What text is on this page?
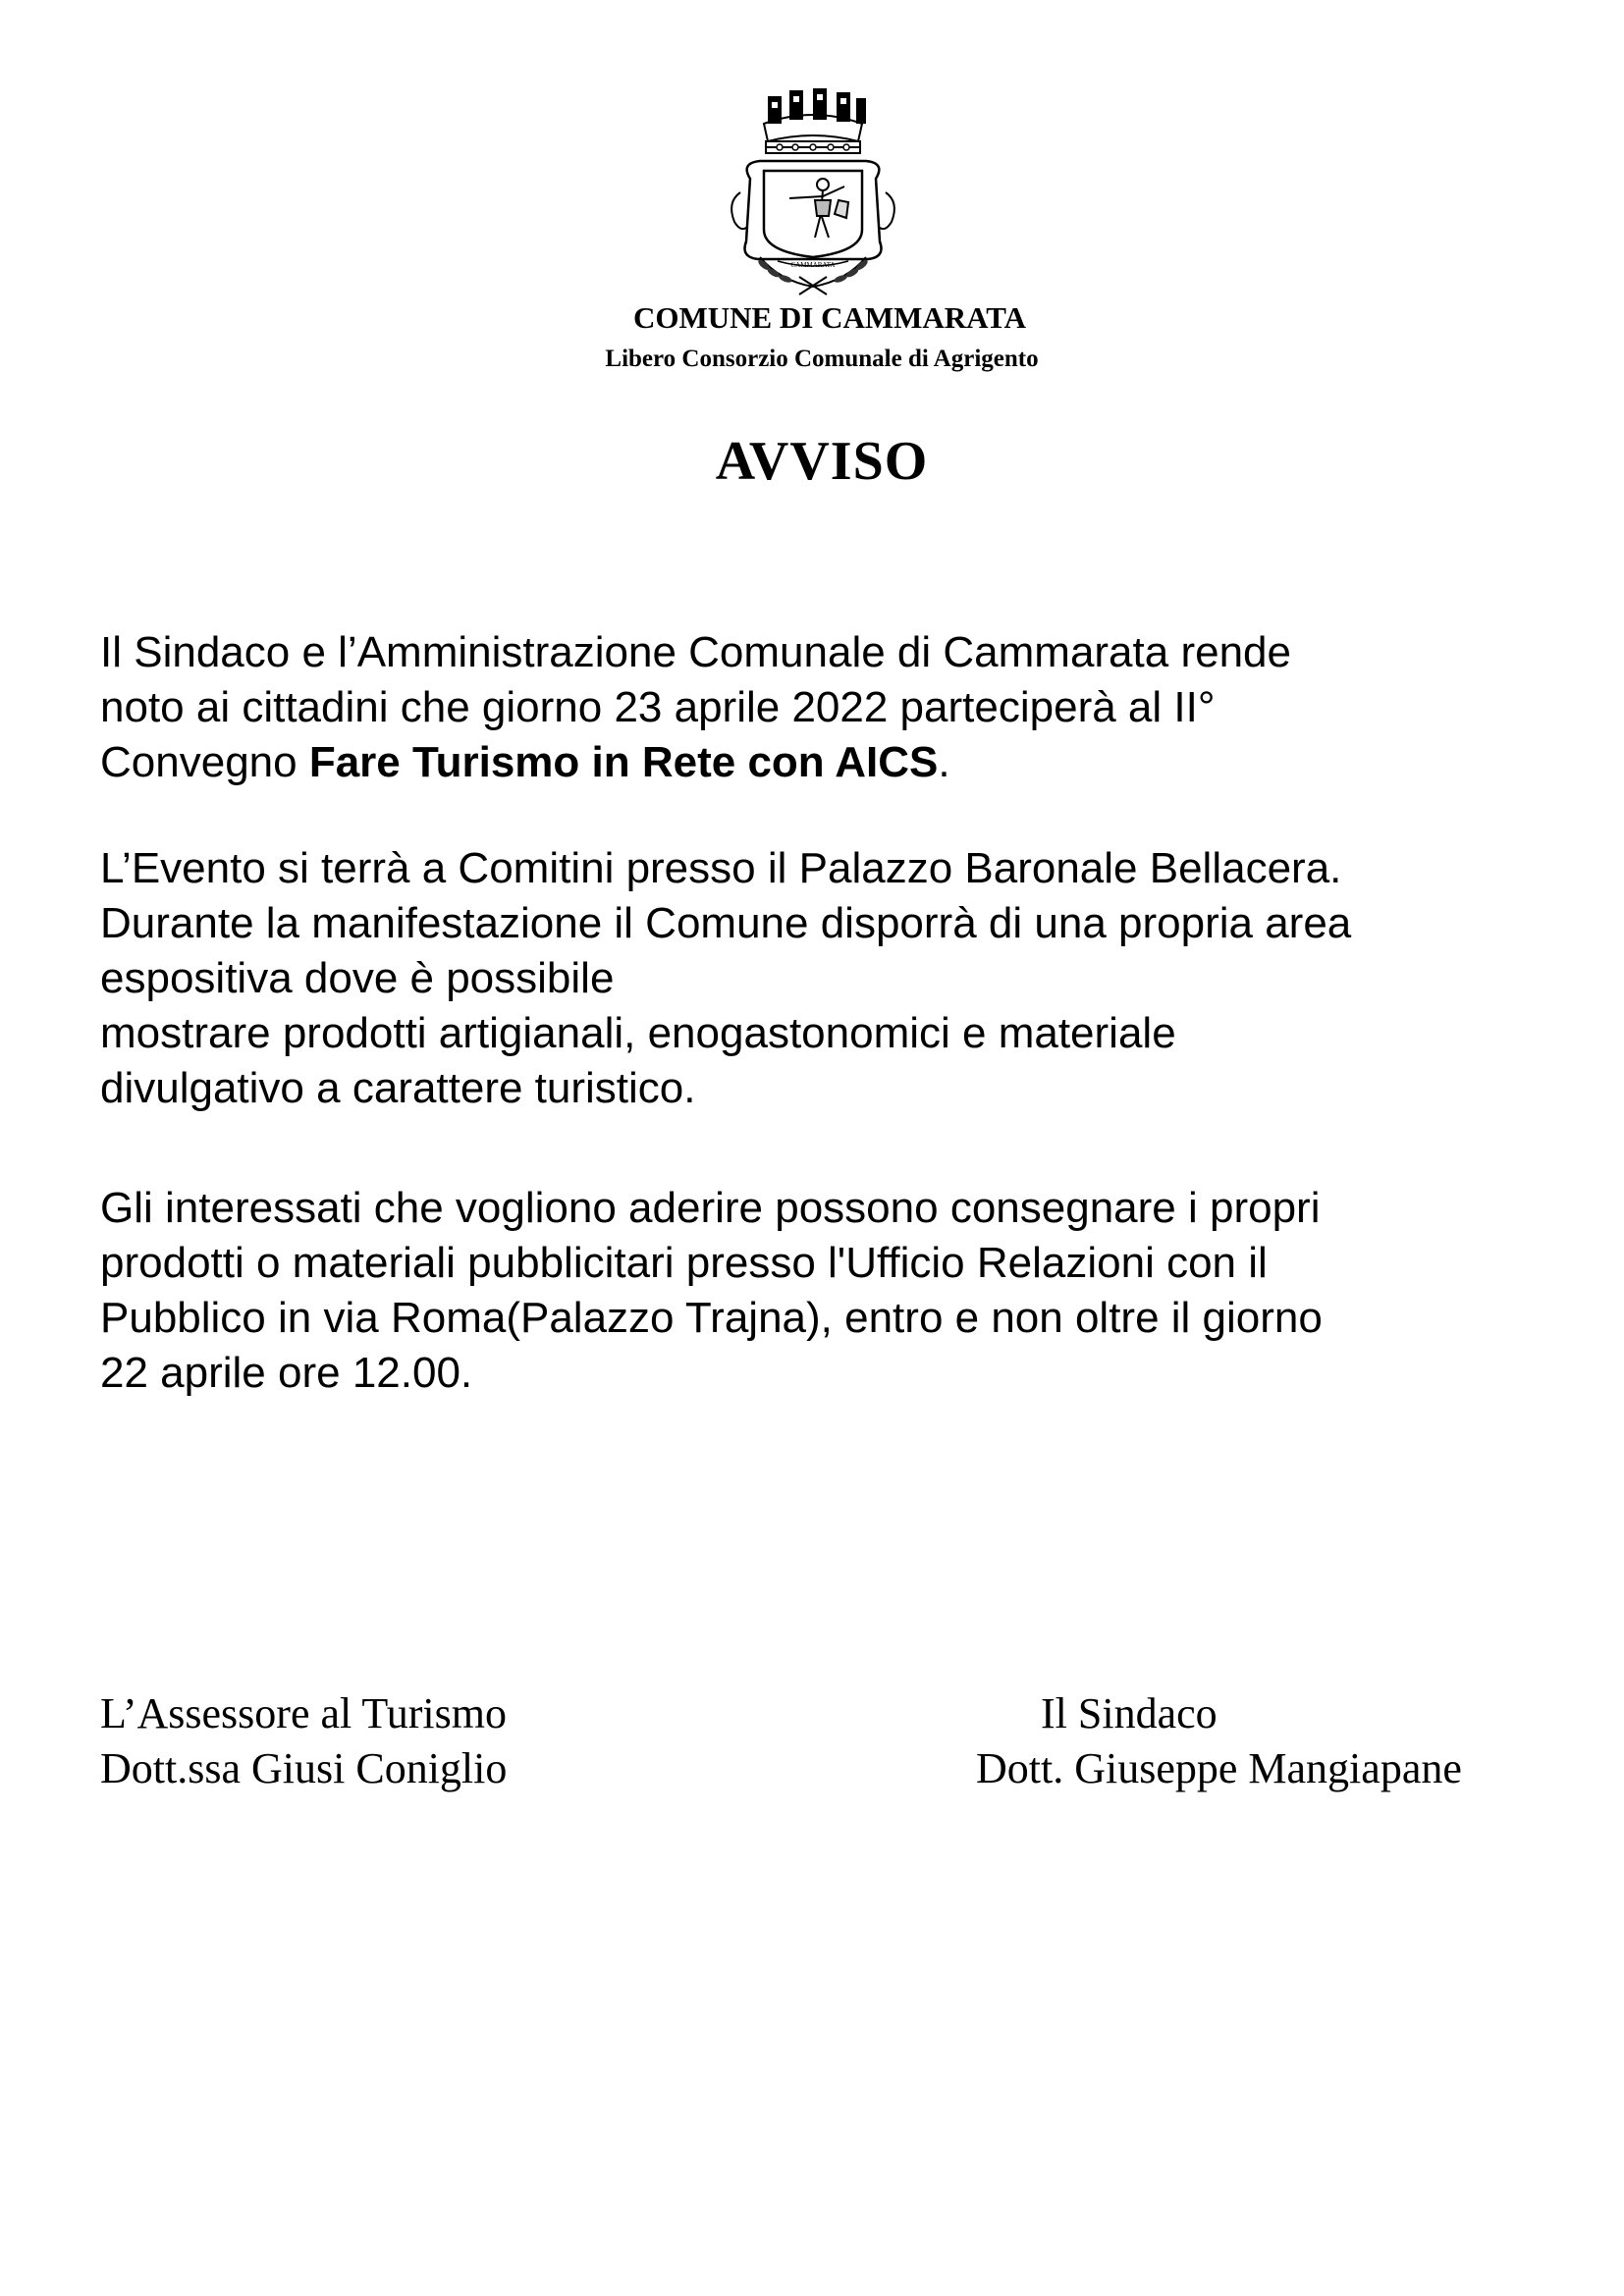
CAMMARATA
COMUNE DI CAMMARATA
Libero Consorzio Comunale di Agrigento
AVVISO
Il Sindaco e l’Amministrazione Comunale di Cammarata rende
noto ai cittadini che giorno 23 aprile 2022 parteciperà al II°
Convegno Fare Turismo in Rete con AICS.
L’Evento si terrà a Comitini presso il Palazzo Baronale Bellacera.
Durante la manifestazione il Comune disporrà di una propria area
espositiva dove è possibile
mostrare prodotti artigianali, enogastonomici e materiale
divulgativo a carattere turistico.
Gli interessati che vogliono aderire possono consegnare i propri
prodotti o materiali pubblicitari presso l'Ufficio Relazioni con il
Pubblico in via Roma(Palazzo Trajna), entro e non oltre il giorno
22 aprile ore 12.00.
L’Assessore al Turismo
Dott.ssa Giusi Coniglio
Il Sindaco
Dott. Giuseppe Mangiapane
